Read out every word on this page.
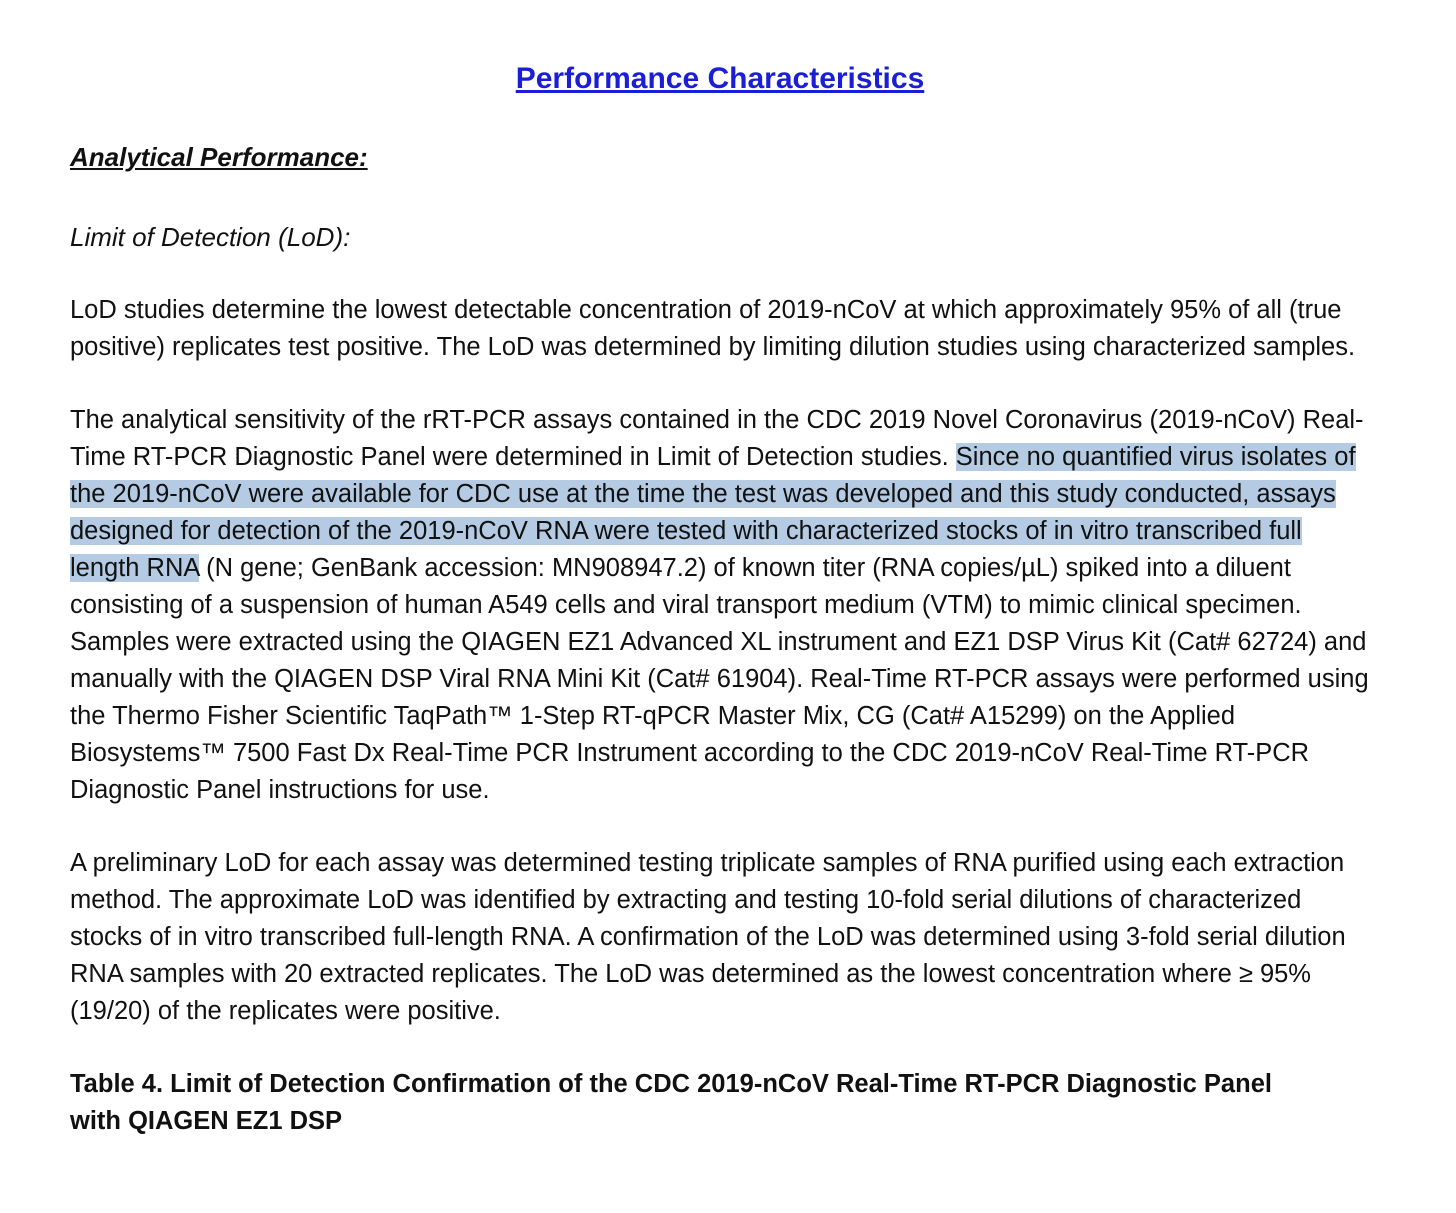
Performance Characteristics
Analytical Performance:
Limit of Detection (LoD):

LoD studies determine the lowest detectable concentration of 2019-nCoV at which approximately 95% of all (true positive) replicates test positive. The LoD was determined by limiting dilution studies using characterized samples.

The analytical sensitivity of the rRT-PCR assays contained in the CDC 2019 Novel Coronavirus (2019-nCoV) Real-Time RT-PCR Diagnostic Panel were determined in Limit of Detection studies. Since no quantified virus isolates of the 2019-nCoV were available for CDC use at the time the test was developed and this study conducted, assays designed for detection of the 2019-nCoV RNA were tested with characterized stocks of in vitro transcribed full length RNA (N gene; GenBank accession: MN908947.2) of known titer (RNA copies/µL) spiked into a diluent consisting of a suspension of human A549 cells and viral transport medium (VTM) to mimic clinical specimen. Samples were extracted using the QIAGEN EZ1 Advanced XL instrument and EZ1 DSP Virus Kit (Cat# 62724) and manually with the QIAGEN DSP Viral RNA Mini Kit (Cat# 61904). Real-Time RT-PCR assays were performed using the Thermo Fisher Scientific TaqPath™ 1-Step RT-qPCR Master Mix, CG (Cat# A15299) on the Applied Biosystems™ 7500 Fast Dx Real-Time PCR Instrument according to the CDC 2019-nCoV Real-Time RT-PCR Diagnostic Panel instructions for use.

A preliminary LoD for each assay was determined testing triplicate samples of RNA purified using each extraction method. The approximate LoD was identified by extracting and testing 10-fold serial dilutions of characterized stocks of in vitro transcribed full-length RNA. A confirmation of the LoD was determined using 3-fold serial dilution RNA samples with 20 extracted replicates. The LoD was determined as the lowest concentration where ≥ 95% (19/20) of the replicates were positive.

Table 4. Limit of Detection Confirmation of the CDC 2019-nCoV Real-Time RT-PCR Diagnostic Panel
with QIAGEN EZ1 DSP
